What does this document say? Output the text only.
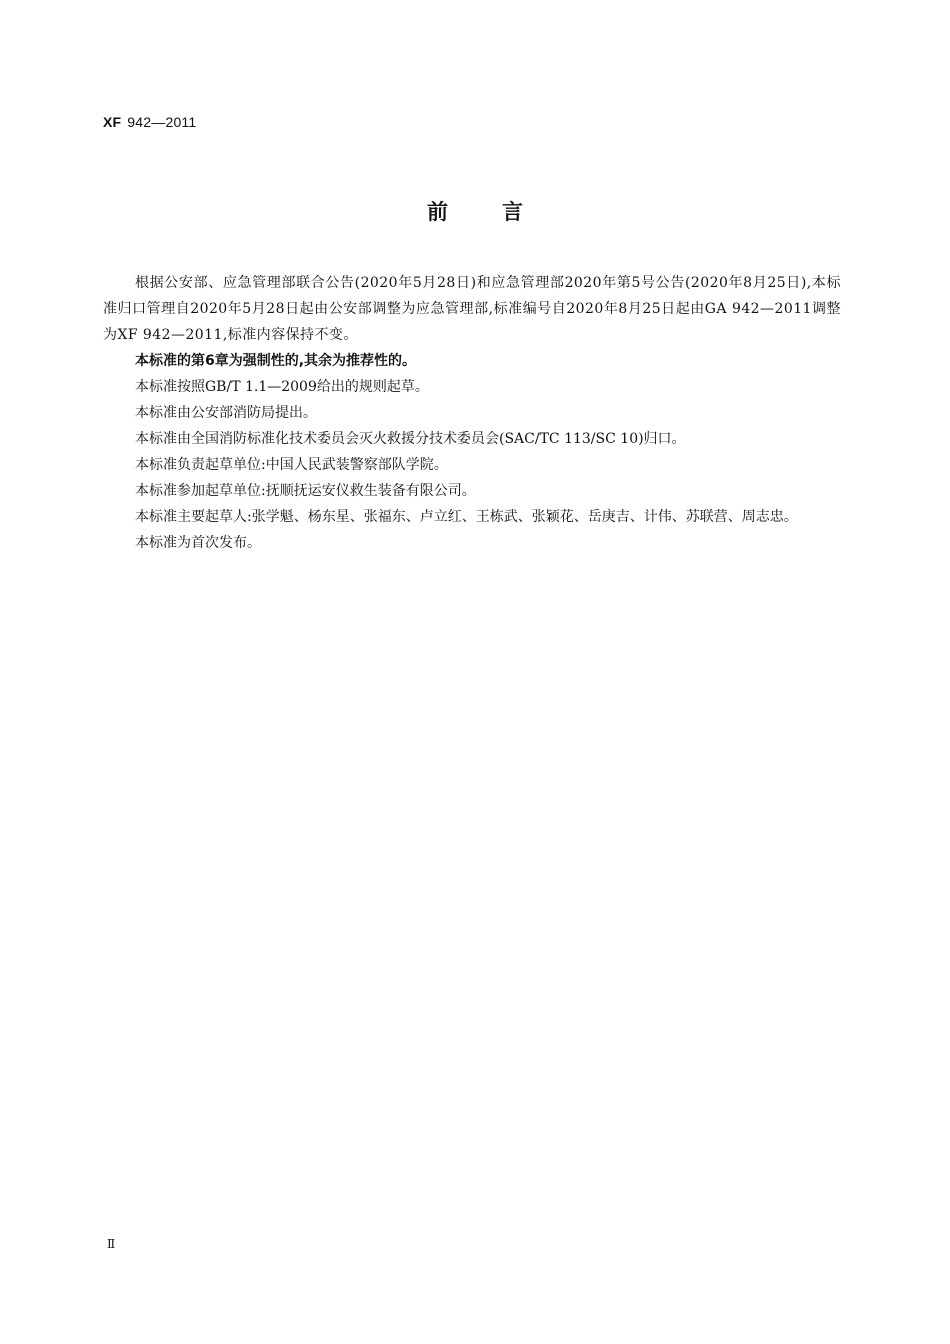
XF 942—2011
前言

根据公安部、应急管理部联合公告(2020年5月28日)和应急管理部2020年第5号公告(2020年8月25日),本标准归口管理自2020年5月28日起由公安部调整为应急管理部,标准编号自2020年8月25日起由GA 942—2011调整为XF 942—2011,标准内容保持不变。

本标准的第6章为强制性的,其余为推荐性的。

本标准按照GB/T 1.1—2009给出的规则起草。

本标准由公安部消防局提出。

本标准由全国消防标准化技术委员会灭火救援分技术委员会(SAC/TC 113/SC 10)归口。

本标准负责起草单位:中国人民武装警察部队学院。

本标准参加起草单位:抚顺抚运安仪救生装备有限公司。

本标准主要起草人:张学魁、杨东星、张福东、卢立红、王栋武、张颖花、岳庚吉、计伟、苏联营、周志忠。

本标准为首次发布。

Ⅱ
